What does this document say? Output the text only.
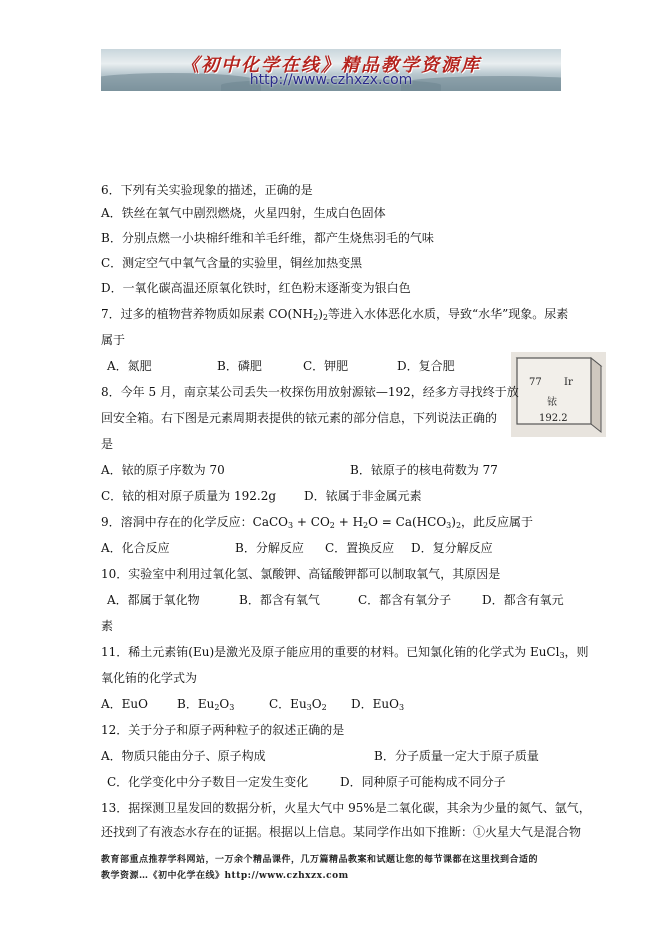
《初中化学在线》精品教学资源库
http://www.czhxzx.com
6．下列有关实验现象的描述，正确的是
A．铁丝在氧气中剧烈燃烧，火星四射，生成白色固体
B．分别点燃一小块棉纤维和羊毛纤维，都产生烧焦羽毛的气味
C．测定空气中氧气含量的实验里，铜丝加热变黑
D．一氧化碳高温还原氧化铁时，红色粉末逐渐变为银白色
7．过多的植物营养物质如尿素 $CO(NH_2)_2$等进入水体恶化水质，导致“水华”现象。尿素
属于
A．氮肥	B．磷肥	C．钾肥	D．复合肥
77 Ir
铱
192.2
8．今年 5 月，南京某公司丢失一枚探伤用放射源铱—192，经多方寻找终于放
回安全箱。右下图是元素周期表提供的铱元素的部分信息，下列说法正确的
是
A．铱的原子序数为 70	B．铱原子的核电荷数为 77
C．铱的相对原子质量为 192.2g D．铱属于非金属元素
9．溶洞中存在的化学反应：CaCO$_3$ + $CO_2 + H_2O = Ca(HCO_3)_2$，此反应属于
A．化合反应	B．分解反应 C．置换反应 D．复分解反应
10．实验室中利用过氧化氢、氯酸钾、高锰酸钾都可以制取氧气，其原因是
A．都属于氧化物	B．都含有氧气	C．都含有氧分子	D．都含有氧元
素
11．稀土元素铕(Eu)是激光及原子能应用的重要的材料。已知氯化铕的化学式为 EuCl$_3$，则
氧化铕的化学式为
A．EuO B．$Eu_2O_3$	C．$Eu_3O_2$ D．EuO$_3$
12．关于分子和原子两种粒子的叙述正确的是
A．物质只能由分子、原子构成	B．分子质量一定大于原子质量
C．化学变化中分子数目一定发生变化	D．同种原子可能构成不同分子
13．据探测卫星发回的数据分析，火星大气中 95%是二氧化碳，其余为少量的氮气、氩气，
还找到了有液态水存在的证据。根据以上信息。某同学作出如下推断：①火星大气是混合物
教育部重点推荐学科网站，一万余个精品课件，几万篇精品教案和试题让您的每节课都在这里找到合适的
教学资源…《初中化学在线》http://www.czhxzx.com
